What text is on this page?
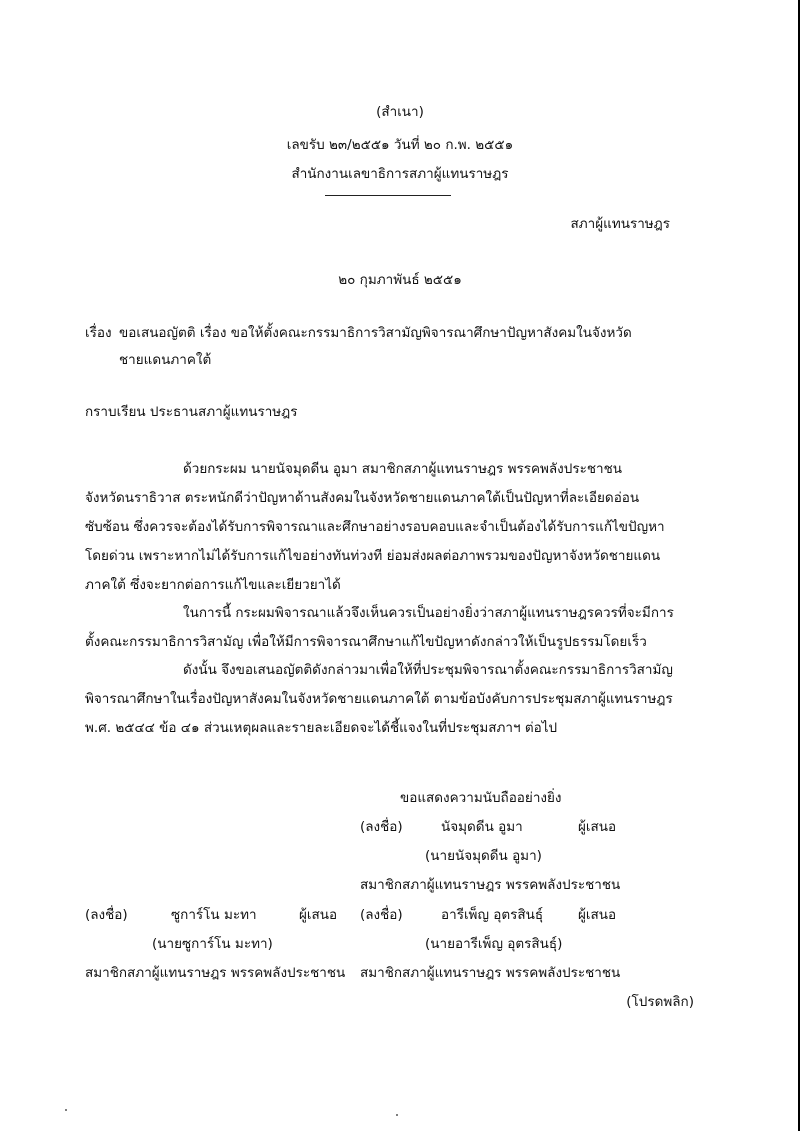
(สำเนา)
เลขรับ ๒๓/๒๕๕๑ วันที่ ๒๐ ก.พ. ๒๕๕๑
สำนักงานเลขาธิการสภาผู้แทนราษฎร
สภาผู้แทนราษฎร
๒๐ กุมภาพันธ์ ๒๕๕๑
เรื่อง ขอเสนอญัตติ เรื่อง ขอให้ตั้งคณะกรรมาธิการวิสามัญพิจารณาศึกษาปัญหาสังคมในจังหวัด
ชายแดนภาคใต้
กราบเรียน ประธานสภาผู้แทนราษฎร
ด้วยกระผม นายนัจมุดดีน อูมา สมาชิกสภาผู้แทนราษฎร พรรคพลังประชาชน
จังหวัดนราธิวาส ตระหนักดีว่าปัญหาด้านสังคมในจังหวัดชายแดนภาคใต้เป็นปัญหาที่ละเอียดอ่อน
ซับซ้อน ซึ่งควรจะต้องได้รับการพิจารณาและศึกษาอย่างรอบคอบและจำเป็นต้องได้รับการแก้ไขปัญหา
โดยด่วน เพราะหากไม่ได้รับการแก้ไขอย่างทันท่วงที ย่อมส่งผลต่อภาพรวมของปัญหาจังหวัดชายแดน
ภาคใต้ ซึ่งจะยากต่อการแก้ไขและเยียวยาได้
ในการนี้ กระผมพิจารณาแล้วจึงเห็นควรเป็นอย่างยิ่งว่าสภาผู้แทนราษฎรควรที่จะมีการ
ตั้งคณะกรรมาธิการวิสามัญ เพื่อให้มีการพิจารณาศึกษาแก้ไขปัญหาดังกล่าวให้เป็นรูปธรรมโดยเร็ว
ดังนั้น จึงขอเสนอญัตติดังกล่าวมาเพื่อให้ที่ประชุมพิจารณาตั้งคณะกรรมาธิการวิสามัญ
พิจารณาศึกษาในเรื่องปัญหาสังคมในจังหวัดชายแดนภาคใต้ ตามข้อบังคับการประชุมสภาผู้แทนราษฎร
พ.ศ. ๒๕๔๔ ข้อ ๔๑ ส่วนเหตุผลและรายละเอียดจะได้ชี้แจงในที่ประชุมสภาฯ ต่อไป
ขอแสดงความนับถืออย่างยิ่ง
(ลงชื่อ)	นัจมุดดีน อูมา	ผู้เสนอ
(นายนัจมุดดีน อูมา)
สมาชิกสภาผู้แทนราษฎร พรรคพลังประชาชน
(ลงชื่อ)	ซูการ์โน มะทา	ผู้เสนอ
(นายซูการ์โน มะทา)
สมาชิกสภาผู้แทนราษฎร พรรคพลังประชาชน
(ลงชื่อ)	อารีเพ็ญ อุตรสินธุ์	ผู้เสนอ
(นายอารีเพ็ญ อุตรสินธุ์)
สมาชิกสภาผู้แทนราษฎร พรรคพลังประชาชน
(โปรดพลิก)
